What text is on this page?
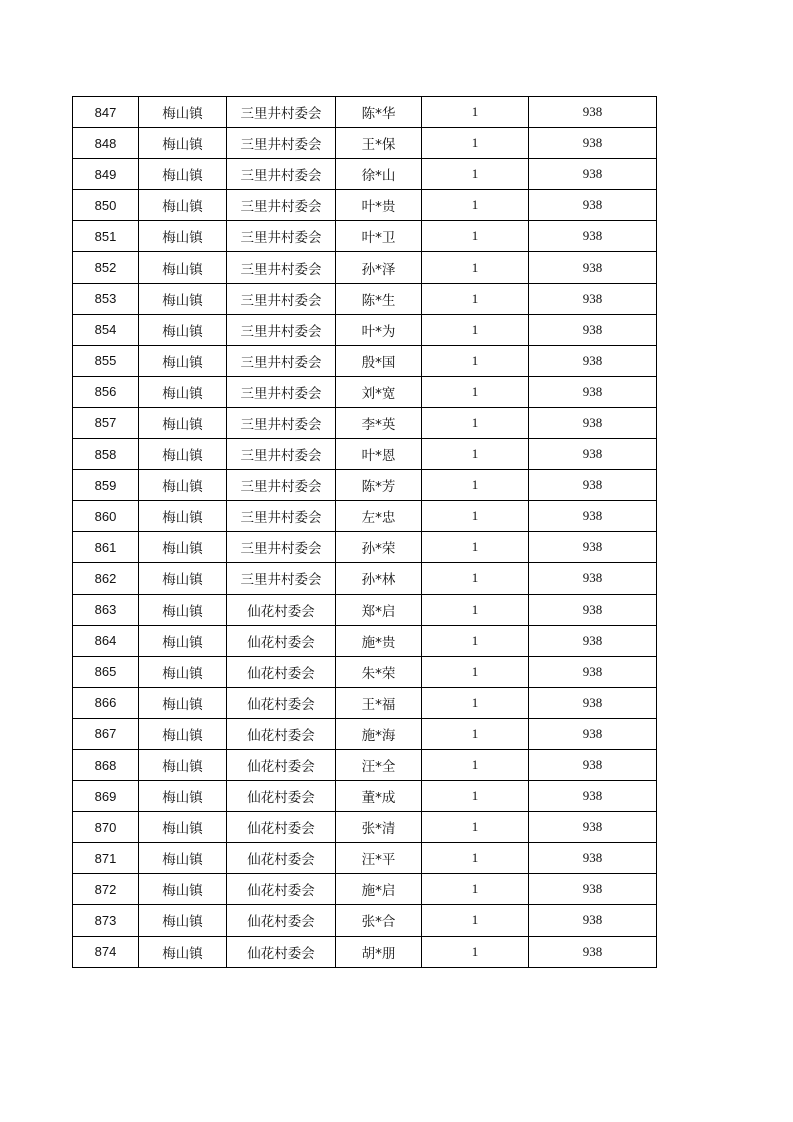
847	梅山镇	三里井村委会	陈*华	1	938
848	梅山镇	三里井村委会	王*保	1	938
849	梅山镇	三里井村委会	徐*山	1	938
850	梅山镇	三里井村委会	叶*贵	1	938
851	梅山镇	三里井村委会	叶*卫	1	938
852	梅山镇	三里井村委会	孙*泽	1	938
853	梅山镇	三里井村委会	陈*生	1	938
854	梅山镇	三里井村委会	叶*为	1	938
855	梅山镇	三里井村委会	殷*国	1	938
856	梅山镇	三里井村委会	刘*宽	1	938
857	梅山镇	三里井村委会	李*英	1	938
858	梅山镇	三里井村委会	叶*恩	1	938
859	梅山镇	三里井村委会	陈*芳	1	938
860	梅山镇	三里井村委会	左*忠	1	938
861	梅山镇	三里井村委会	孙*荣	1	938
862	梅山镇	三里井村委会	孙*林	1	938
863	梅山镇	仙花村委会	郑*启	1	938
864	梅山镇	仙花村委会	施*贵	1	938
865	梅山镇	仙花村委会	朱*荣	1	938
866	梅山镇	仙花村委会	王*福	1	938
867	梅山镇	仙花村委会	施*海	1	938
868	梅山镇	仙花村委会	汪*全	1	938
869	梅山镇	仙花村委会	董*成	1	938
870	梅山镇	仙花村委会	张*清	1	938
871	梅山镇	仙花村委会	汪*平	1	938
872	梅山镇	仙花村委会	施*启	1	938
873	梅山镇	仙花村委会	张*合	1	938
874	梅山镇	仙花村委会	胡*朋	1	938
